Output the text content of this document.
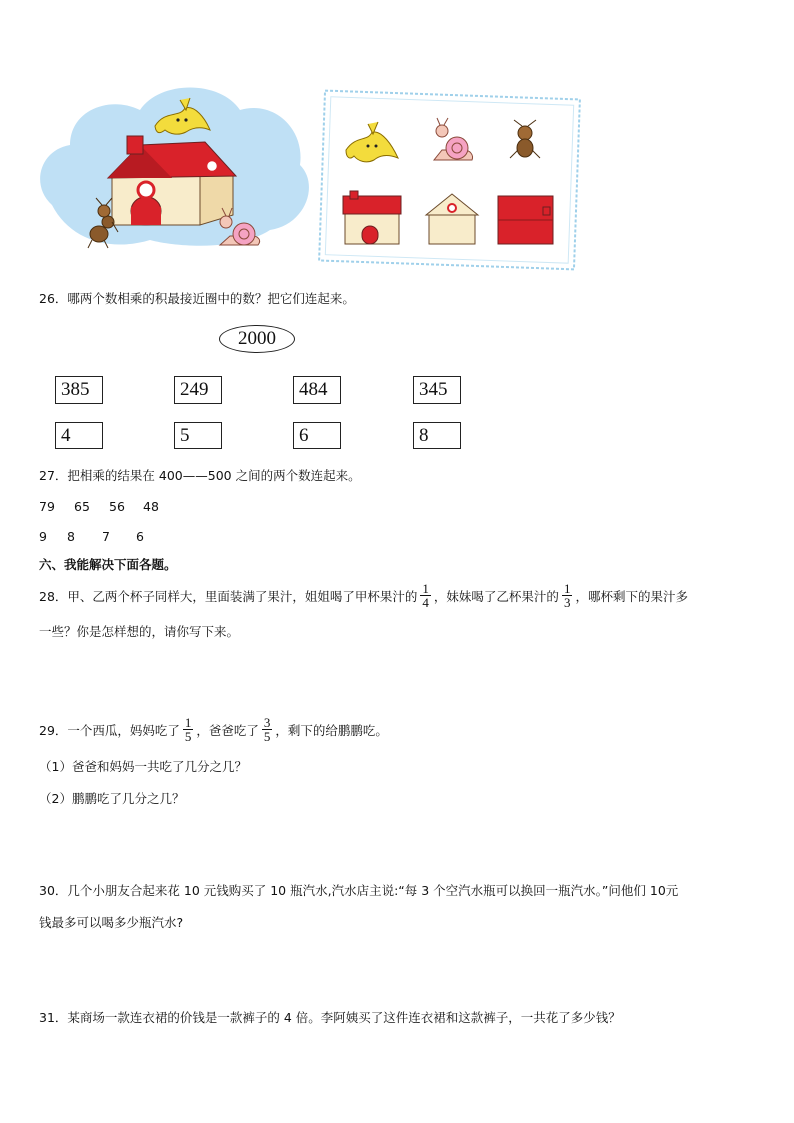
26．哪两个数相乘的积最接近圈中的数？把它们连起来。
2000
385	249	484	345
4	5	6	8
27．把相乘的结果在 400——500 之间的两个数连起来。
79 65 56 48
9 8 7 6
六、我能解决下面各题。
28．甲、乙两个杯子同样大，里面装满了果汁，姐姐喝了甲杯果汁的 $\frac{1}{4}$ ，妹妹喝了乙杯果汁的 $\frac{1}{3}$ ，哪杯剩下的果汁多
一些？你是怎样想的，请你写下来。
29．一个西瓜，妈妈吃了 $\frac{1}{5}$ ，爸爸吃了 $\frac{3}{5}$ ，剩下的给鹏鹏吃。
（1）爸爸和妈妈一共吃了几分之几？
（2）鹏鹏吃了几分之几？
30．几个小朋友合起来花 10 元钱购买了 10 瓶汽水,汽水店主说:“每 3 个空汽水瓶可以换回一瓶汽水。”问他们 10元
钱最多可以喝多少瓶汽水?
31．某商场一款连衣裙的价钱是一款裤子的 4 倍。李阿姨买了这件连衣裙和这款裤子，一共花了多少钱？
